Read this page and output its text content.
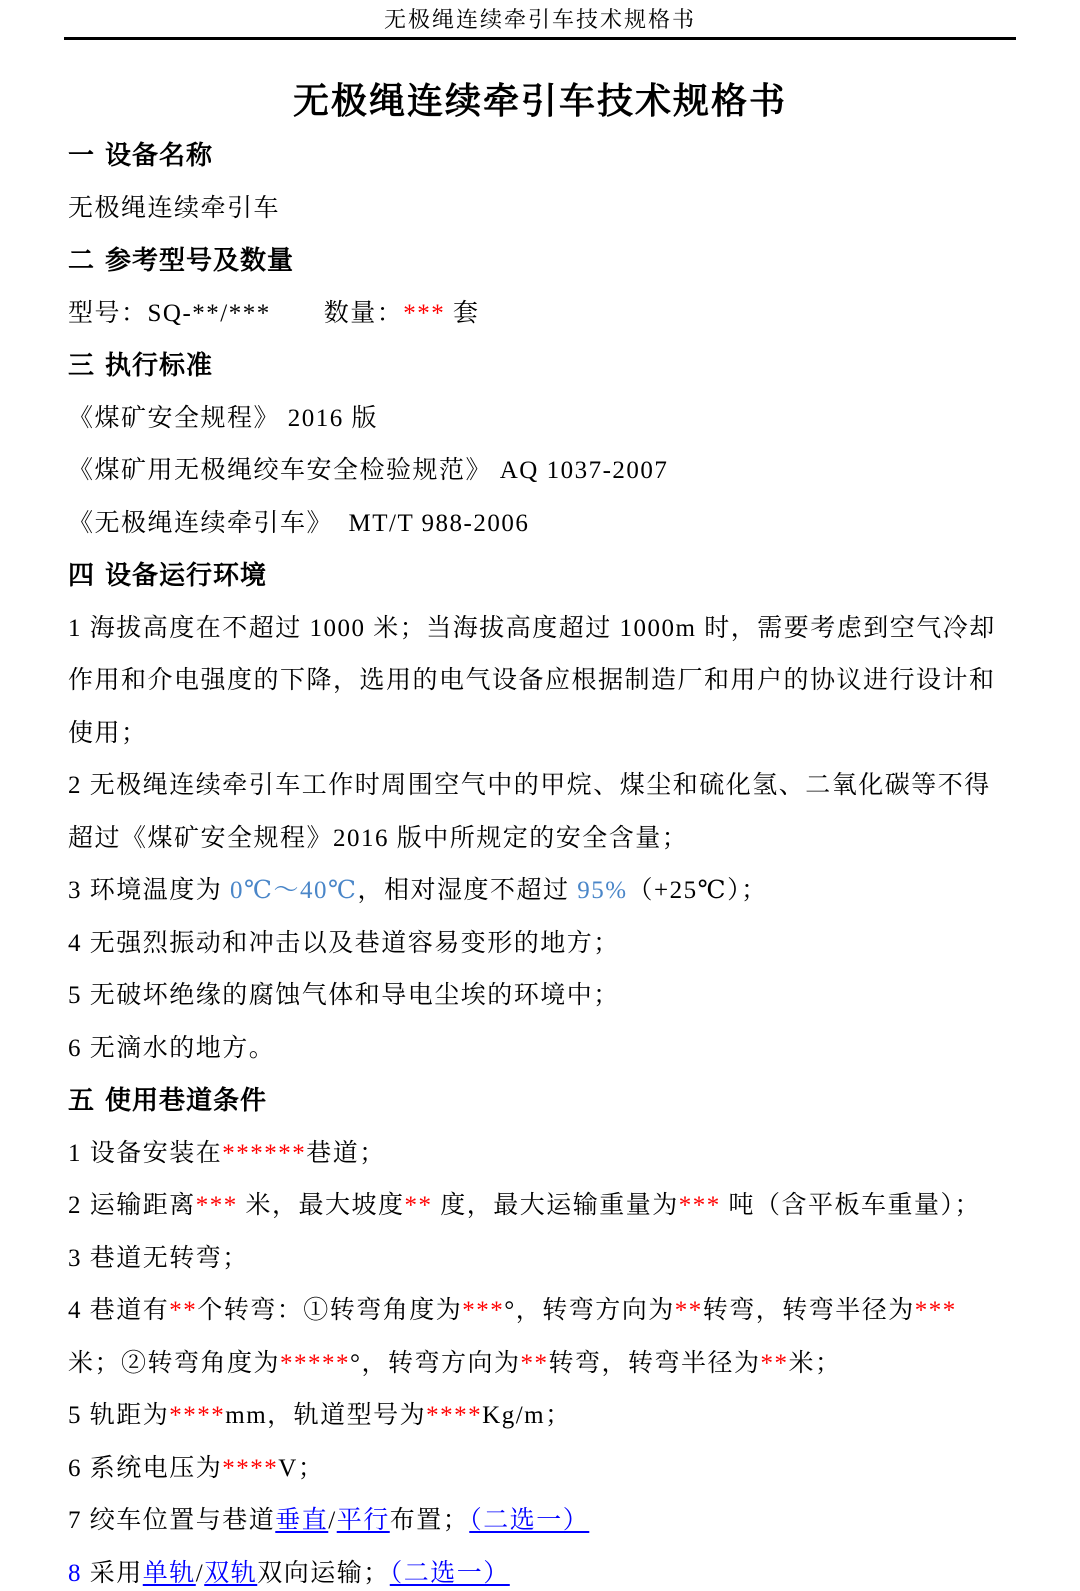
无极绳连续牵引车技术规格书
无极绳连续牵引车技术规格书
一 设备名称
无极绳连续牵引车
二 参考型号及数量
型号：SQ-**/***　　数量：*** 套
三 执行标准
《煤矿安全规程》 2016 版
《煤矿用无极绳绞车安全检验规范》 AQ 1037-2007
《无极绳连续牵引车》  MT/T 988-2006
四 设备运行环境
1 海拔高度在不超过 1000 米；当海拔高度超过 1000m 时，需要考虑到空气冷却
作用和介电强度的下降，选用的电气设备应根据制造厂和用户的协议进行设计和
使用；
2 无极绳连续牵引车工作时周围空气中的甲烷、煤尘和硫化氢、二氧化碳等不得
超过《煤矿安全规程》2016 版中所规定的安全含量；
3 环境温度为 0℃～40℃，相对湿度不超过 95%（+25℃）；
4 无强烈振动和冲击以及巷道容易变形的地方；
5 无破坏绝缘的腐蚀气体和导电尘埃的环境中；
6 无滴水的地方。
五 使用巷道条件
1 设备安装在******巷道；
2 运输距离*** 米，最大坡度** 度，最大运输重量为*** 吨（含平板车重量）；
3 巷道无转弯；
4 巷道有**个转弯：①转弯角度为***°，转弯方向为**转弯，转弯半径为***
米；②转弯角度为*****°，转弯方向为**转弯，转弯半径为**米；
5 轨距为****mm，轨道型号为****Kg/m；
6 系统电压为****V；
7 绞车位置与巷道垂直/平行布置；（二选一）
8 采用单轨/双轨双向运输；（二选一）
